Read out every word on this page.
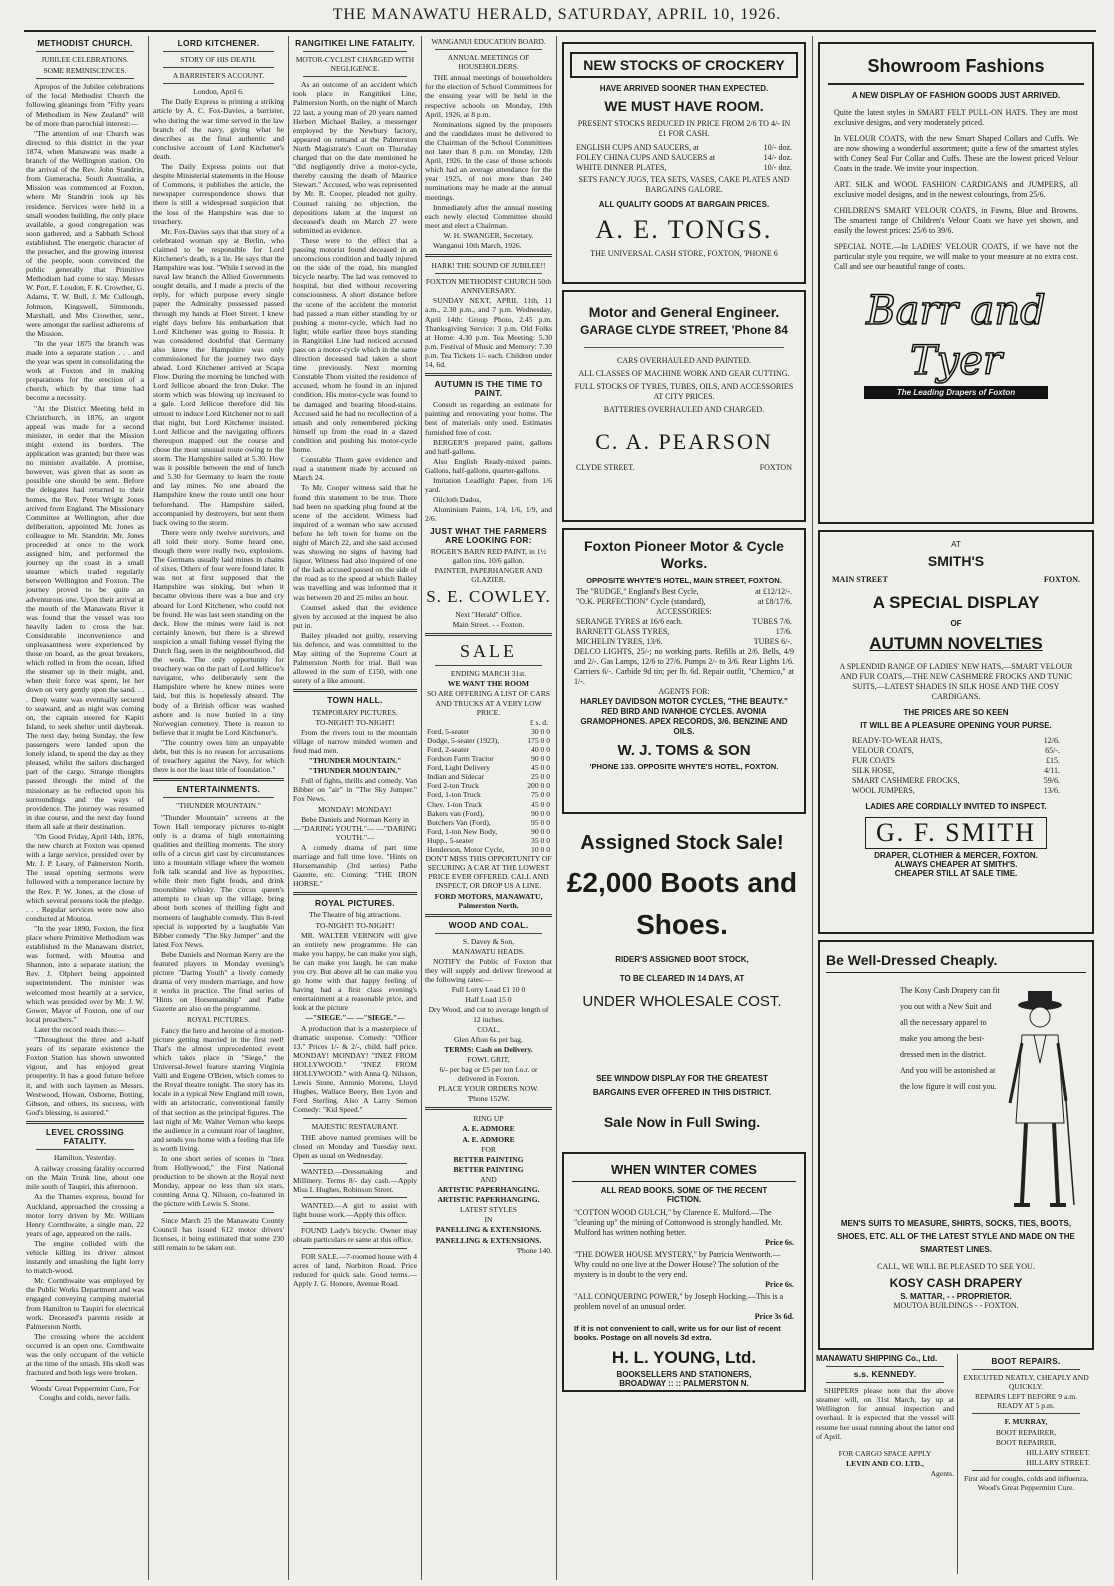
THE MANAWATU HERALD, SATURDAY, APRIL 10, 1926.
METHODIST CHURCH.
JUBILEE CELEBRATIONS.
SOME REMINISCENCES.

Apropos of the Jubilee celebrations of the local Methodist Church the following gleanings from "Fifty years of Methodism in New Zealand" will be of more than parochial interest:—

"The attention of our Church was directed to this district in the year 1874, when Manawatu was made a branch of the Wellington station. On the arrival of the Rev. John Standrin, from Gumeracha, South Australia, a Mission was commenced at Foxton, where Mr Standrin took up his residence. Services were held in a small wooden building, the only place available, a good congregation was soon gathered, and a Sabbath School established. The energetic character of the preacher, and the growing interest of the people, soon convinced the public generally that Primitive Methodism had come to stay. Messrs W. Port, F. Loudon, F. K. Crowther, G. Adams, T. W. Bull, J. Mc Cullough, Johnson, Kingswell, Simmonds, Marshall, and Mrs Crowther, senr., were amongst the earliest adherents of the Mission.

"In the year 1875 the branch was made into a separate station . . . and the year was spent in consolidating the work at Foxton and in making preparations for the erection of a church, which by that time had become a necessity.

"At the District Meeting held in Christchurch, in 1876, an urgent appeal was made for a second minister, in order that the Mission might extend its borders. The application was granted; but there was no minister available. A promise, however, was given that as soon as possible one should be sent. Before the delegates had returned to their homes, the Rev. Peter Wright Jones arrived from England. The Missionary Committee at Wellington, after due deliberation, appointed Mr. Jones as colleague to Mr. Standrin. Mr. Jones proceeded at once to the work assigned him, and performed the journey up the coast in a small steamer which traded regularly between Wellington and Foxton. The journey proved to be quite an adventurous one. Upon their arrival at the mouth of the Manawatu River it was found that the vessel was too heavily laden to cross the bar. Considerable inconvenience and unpleasantness were experienced by those on board, as the great breakers, which rolled in from the ocean, lifted the steamer up in their might, and, when their force was spent, let her down on very gently upon the sand. . . . Deep water was eventually secured to seaward, and as night was coming on, the captain steered for Kapiti Island, to seek shelter until daybreak. The next day, being Sunday, the few passengers were landed upon the lonely island, to spend the day as they pleased, whilst the sailors discharged part of the cargo. Strange thoughts passed through the mind of the missionary as he reflected upon his surroundings and the ways of providence. The journey was resumed in due course, and the next day found them all safe at their destination.

"On Good Friday, April 14th, 1876, the new church at Foxton was opened with a large service, presided over by Mr. J. P. Leary, of Palmerston North. The usual opening sermons were followed with a temperance lecture by the Rev. P. W. Jones, at the close of which several persons took the pledge. . . . Regular services were now also conducted at Moutoa.

"In the year 1890, Foxton, the first place where Primitive Methodism was established in the Manawatu district, was formed, with Moutoa and Shannon, into a separate station; the Rev. J. Olphert being appointed superintendent. The minister was welcomed most heartily at a service, which was presided over by Mr. J. W. Gower, Mayor of Foxton, one of our local preachers."

Later the record reads thus:—

"Throughout the three and a-half years of its separate existence the Foxton Station has shown unwonted vigour, and has enjoyed great prosperity. It has a good future before it, and with such laymen as Messrs. Westwood, Howan, Osborne, Botting, Gibson, and others, its success, with God's blessing, is assured."

LEVEL CROSSING FATALITY.
Hamilton, Yesterday.

A railway crossing fatality occurred on the Main Trunk line, about one mile south of Taupiri, this afternoon.

As the Thames express, bound for Auckland, approached the crossing a motor lorry driven by Mr. William Henry Cornthwaite, a single man, 22 years of age, appeared on the rails.

The engine collided with the vehicle killing its driver almost instantly and smashing the light lorry to match-wood.

Mr. Cornthwaite was employed by the Public Works Department and was engaged conveying camping material from Hamilton to Taupiri for electrical work. Deceased's parents reside at Palmerston North.

The crossing where the accident occurred is an open one. Cornthwaite was the only occupant of the vehicle at the time of the smash. His skull was fractured and both legs were broken.

Woods' Great Peppermint Cure, For Coughs and colds, never fails.

LORD KITCHENER.
STORY OF HIS DEATH.
A BARRISTER'S ACCOUNT.

London, April 6.

The Daily Express is printing a striking article by A. C. Fox-Davies, a barrister, who during the war time served in the law branch of the navy, giving what he describes as the final authentic and conclusive account of Lord Kitchener's death.

The Daily Express points out that despite Ministerial statements in the House of Commons, it publishes the article, the newspaper correspondence shows that there is still a widespread suspicion that the loss of the Hampshire was due to treachery.

Mr. Fox-Davies says that that story of a celebrated woman spy at Berlin, who claimed to be responsible for Lord Kitchener's death, is a lie. He says that the Hampshire was lost. "While I served in the naval law branch the Allied Governments sought details, and I made a precis of the reply, for which purpose every single paper the Admiralty possessed passed through my hands at Fleet Street. I knew eight days before his embarkation that Lord Kitchener was going to Russia. It was considered doubtful that Germany also knew the Hampshire was only commissioned for the journey two days ahead. Lord Kitchener arrived at Scapa Flow. During the morning he lunched with Lord Jellicoe aboard the Iron Duke. The storm which was blowing up increased to a gale. Lord Jellicoe therefore did his utmost to induce Lord Kitchener not to sail that night, but Lord Kitchener insisted. Lord Jellicoe and the navigating officers thereupon mapped out the course and chose the most unusual route owing to the storm. The Hampshire sailed at 5.30. How was it possible between the end of lunch and 5.30 for Germany to learn the route and lay mines. No one aboard the Hampshire knew the route until one hour beforehand. The Hampshire sailed, accompanied by destroyers, but sent them back owing to the storm.

There were only twelve survivors, and all told their story. Some heard one, though there were really two, explosions. The Germans usually laid mines in chains of sixes. Others of four were found later. It was not at first supposed that the Hampshire was sinking, but when it became obvious there was a hue and cry aboard for Lord Kitchener, who could not be found. He was last seen standing on the deck. How the mines were laid is not certainly known, but there is a shrewd suspicion a small fishing vessel flying the Dutch flag, seen in the neighbourhood, did the work. The only opportunity for treachery was on the part of Lord Jellicoe's navigator, who deliberately sent the Hampshire where he knew mines were laid, but this is hopelessly absurd. The body of a British officer was washed ashore and is now buried in a tiny Norwegian cemetery. There is reason to believe that it might be Lord Kitchener's.

"The country owes him an unpayable debt, but this is no reason for accusations of treachery against the Navy, for which there is not the least title of foundation."

ENTERTAINMENTS.
"THUNDER MOUNTAIN."

"Thunder Mountain" screens at the Town Hall temporary pictures to-night only is a drama of high entertaining qualities and thrilling moments. The story tells of a circus girl cast by circumstances into a mountain village where the women folk talk scandal and live as hypocrites, while their men fight feuds, and drink moonshine whisky. The circus queen's attempts to clean up the village, bring about both scenes of thrilling fight and moments of laughable comedy. This 8-reel special is supported by a laughable Van Bibber comedy "The Sky Jumper" and the latest Fox News.

Bebe Daniels and Norman Kerry are the featured players in Monday evening's picture "Daring Youth" a lively comedy drama of very modern marriage, and how it works in practice. The final series of "Hints on Horsemanship" and Pathe Gazette are also on the programme.

ROYAL PICTURES.

Fancy the hero and heroine of a motion-picture getting married in the first reel! That's the almost unprecedented event which takes place in "Siege," the Universal-Jewel feature starring Virginia Valli and Eugene O'Brien, which comes to the Royal theatre tonight. The story has its locale in a typical New England mill town, with an aristocratic, conventional family of that section as the principal figures. The last night of Mr. Walter Vernon who keeps the audience in a constant roar of laughter, and sends you home with a feeling that life is worth living.

In one short series of scenes in "Inez from Hollywood," the First National production to be shown at the Royal next Monday, appear no less than six stars, counting Anna Q. Nilsson, co-featured in the picture with Lewis S. Stone.

Since March 25 the Manawatu County Council has issued 612 motor drivers' licenses, it being estimated that some 230 still remain to be taken out.

RANGITIKEI LINE FATALITY.
MOTOR-CYCLIST CHARGED WITH NEGLIGENCE.

As an outcome of an accident which took place in Rangitikei Line, Palmerston North, on the night of March 22 last, a young man of 20 years named Herbert Michael Bailey, a messenger employed by the Newbury factory, appeared on remand at the Palmerston North Magistrate's Court on Thursday charged that on the date mentioned he "did negligently drive a motor-cycle, thereby causing the death of Maurice Stewart." Accused, who was represented by Mr. R. Cooper, pleaded not guilty. Counsel raising no objection, the depositions taken at the inquest on deceased's death on March 27 were submitted as evidence.

These were to the effect that a passing motorist found deceased in an unconscious condition and badly injured on the side of the road, his mangled bicycle nearby. The lad was removed to hospital, but died without recovering consciousness. A short distance before the scene of the accident the motorist had passed a man either standing by or pushing a motor-cycle, which had no light; while earlier three boys standing in Rangitikei Line had noticed accused pass on a motor-cycle which in the same direction deceased had taken a short time previously. Next morning Constable Thom visited the residence of accused, whom he found in an injured condition. His motor-cycle was found to be damaged and bearing blood-stains. Accused said he had no recollection of a smash and only remembered picking himself up from the road in a dazed condition and pushing his motor-cycle home.

Constable Thom gave evidence and read a statement made by accused on March 24.

To Mr. Cooper witness said that he found this statement to be true. There had been no sparking plug found at the scene of the accident. Witness had inquired of a woman who saw accused before he left town for home on the night of March 22, and she said accused was showing no signs of having had liquor. Witness had also inquired of one of the lads accused passed on the side of the road as to the speed at which Bailey was travelling and was informed that it was between 20 and 25 miles an hour.

Counsel asked that the evidence given by accused at the inquest be also put in.

Bailey pleaded not guilty, reserving his defence, and was committed to the May sitting of the Supreme Court at Palmerston North for trial. Bail was allowed in the sum of £150, with one surety of a like amount.

TOWN HALL.

TEMPORARY PICTURES.

TO-NIGHT! TO-NIGHT!

From the rivers tout to the mountain village of narrow minded women and feud mad men.

"THUNDER MOUNTAIN."

"THUNDER MOUNTAIN."

Full of fights, thrills and comedy. Van Bibber on "air" in "The Sky Jumper." Fox News.

MONDAY! MONDAY!

Bebe Daniels and Norman Kerry in —"DARING YOUTH."— —"DARING YOUTH."—

A comedy drama of part time marriage and full time love. "Hints on Horsemanship (3rd series) Pathe Gazette, etc. Coming: "THE IRON HORSE."

ROYAL PICTURES.

The Theatre of big attractions.

TO-NIGHT! TO-NIGHT!

MR. WALTER VERNON will give an entirely new programme. He can make you happy, he can make you sigh, he can make you laugh, he can make you cry. But above all he can make you go home with that happy feeling of having had a first class evening's entertainment at a reasonable price, and look at the picture

—"SIEGE."— —"SIEGE."—

A production that is a masterpiece of dramatic suspense. Comedy: "Officer 13." Prices 1/- & 2/-, child. half price. MONDAY! MONDAY! "INEZ FROM HOLLYWOOD." "INEZ FROM HOLLYWOOD." with Anna Q. Nilsson, Lewis Stone, Antonio Moreno, Lloyd Hughes, Wallace Beery, Ben Lyon and Ford Sterling. Also A Larry Semon Comedy: "Kid Speed."

MAJESTIC RESTAURANT.

THE above named premises will be closed on Monday and Tuesday next. Open as usual on Wednesday.

WANTED.—Dressmaking and Millinery. Terms 8/- day cash.—Apply Miss I. Hughes, Robinson Street.

WANTED.—A girl to assist with light house work.—Apply this office.

FOUND Lady's bicycle. Owner may obtain particulars re same at this office.

FOR SALE.—7-roomed house with 4 acres of land, Norbiton Road. Price reduced for quick sale. Good terms.—Apply J. G. Honore, Avenue Road.

WANGANUI EDUCATION BOARD.
ANNUAL MEETINGS OF HOUSEHOLDERS.

THE annual meetings of householders for the election of School Committees for the ensuing year will be held in the respective schools on Monday, 19th April, 1926, at 8 p.m.

Nominations signed by the proposers and the candidates must be delivered to the Chairman of the School Committees not later than 8 p.m. on Monday, 12th April, 1926. In the case of those schools which had an average attendance for the year 1925, of not more than 240 nominations may be made at the annual meetings.

Immediately after the annual meeting each newly elected Committee should meet and elect a Chairman.

W. H. SWANGER, Secretary.

Wanganui 10th March, 1926.

HARK! THE SOUND OF JUBILEE!!

FOXTON METHODIST CHURCH 50th ANNIVERSARY.

SUNDAY NEXT, APRIL 11th, 11 a.m., 2.30 p.m., and 7 p.m. Wednesday, April 14th: Group Photo, 2.45 p.m. Thanksgiving Service: 3 p.m. Old Folks at Home: 4.30 p.m. Tea Meeting: 5.30 p.m. Festival of Music and Memory: 7.30 p.m. Tea Tickets 1/- each. Children under 14, 6d.

AUTUMN IS THE TIME TO PAINT.

Consult us regarding an estimate for painting and renovating your home. The best of materials only used. Estimates furnished free of cost.

BERGER'S prepared paint, gallons and half-gallons.

Also English Ready-mixed paints. Gallons, half-gallons, quarter-gallons.

Imitation Leadlight Paper, from 1/6 yard.

Oilcloth Dados,

Aluminium Paints, 1/4, 1/6, 1/9, and 2/6.

JUST WHAT THE FARMERS ARE LOOKING FOR:

ROGER'S BARN RED PAINT, in 1½ gallon tins, 10/6 gallon.

PAINTER, PAPERHANGER AND GLAZIER.

S. E. COWLEY.

Next "Herald" Office.

Main Street. - - Foxton.

SALE

ENDING MARCH 31st.

WE WANT THE ROOM

SO ARE OFFERING A LIST OF CARS AND TRUCKS AT A VERY LOW PRICE.

£ s. d.
Ford, 5-seater	30 0 0
Dodge, 5-seater (1923),	175 0 0
Ford, 2-seater	40 0 0
Fordson Farm Tractor	90 0 0
Ford, Light Delivery	45 0 0
Indian and Sidecar	25 0 0
Ford 2-ton Truck	200 0 0
Ford, 1-ton Truck	75 0 0
Chev. 1-ton Truck	45 0 0
Bakers van (Ford),	90 0 0
Butchers Van (Ford),	95 0 0
Ford, 1-ton New Body,	90 0 0
Hupp., 5-seater	35 0 0
Henderson, Motor Cycle,	10 0 0

DON'T MISS THIS OPPORTUNITY OF SECURING A CAR AT THE LOWEST PRICE EVER OFFERED. CALL AND INSPECT, OR DROP US A LINE.

FORD MOTORS, MANAWATU, Palmerston North.

WOOD AND COAL.

S. Davey & Son,

MANAWATU HEADS.

NOTIFY the Public of Foxton that they will supply and deliver firewood at the following rates:—

Full Lorry Load £1 10 0

Half Load 15 0

Dry Wood, and cut to average length of 12 inches.

COAL,

Glen Afton 6s per bag.

TERMS: Cash on Delivery.

FOWL GRIT,

6/- per bag or £5 per ton f.o.r. or delivered in Foxton.

PLACE YOUR ORDERS NOW.

'Phone 152W.

RING UP

A. E. ADMORE

A. E. ADMORE

FOR

BETTER PAINTING

BETTER PAINTING

AND

ARTISTIC PAPERHANGING.

ARTISTIC PAPERHANGING.

LATEST STYLES

IN

PANELLING & EXTENSIONS.

PANELLING & EXTENSIONS.

'Phone 140.

NEW STOCKS OF CROCKERY
HAVE ARRIVED SOONER THAN EXPECTED.
WE MUST HAVE ROOM.
PRESENT STOCKS REDUCED IN PRICE FROM 2/6 TO 4/- IN £1 FOR CASH.
ENGLISH CUPS AND SAUCERS, at	10/- doz.
FOLEY CHINA CUPS AND SAUCERS at	14/- doz.
WHITE DINNER PLATES,	10/- doz.
SETS FANCY JUGS, TEA SETS, VASES, CAKE PLATES AND BARGAINS GALORE.
ALL QUALITY GOODS AT BARGAIN PRICES.
A. E. TONGS.
THE UNIVERSAL CASH STORE, FOXTON, 'PHONE 6
Motor and General Engineer.
GARAGE CLYDE STREET, 'Phone 84
CARS OVERHAULED AND PAINTED.
ALL CLASSES OF MACHINE WORK AND GEAR CUTTING.
FULL STOCKS OF TYRES, TUBES, OILS, AND ACCESSORIES AT CITY PRICES.
BATTERIES OVERHAULED AND CHARGED.
C. A. PEARSON
CLYDE STREET.	FOXTON
Foxton Pioneer Motor & Cycle Works.
OPPOSITE WHYTE'S HOTEL, MAIN STREET, FOXTON.
The "RUDGE," England's Best Cycle,	at £12/12/-.
"O.K. PERFECTION" Cycle (standard),	at £8/17/6.
ACCESSORIES:
SERANGE TYRES at 16/6 each.	TUBES 7/6.
BARNETT GLASS TYRES,	17/6.
MICHELIN TYRES, 13/6.	TUBES 6/-.
DELCO LIGHTS, 25/-; no working parts. Refills at 2/6. Bells, 4/9 and 2/-. Gas Lamps, 12/6 to 27/6. Pumps 2/- to 3/6. Rear Lights 1/6. Carriers 6/-. Carbide 9d tin; per lb. 6d. Repair outfit, "Chemico," at 1/-.
AGENTS FOR:
HARLEY DAVIDSON MOTOR CYCLES, "THE BEAUTY." RED BIRD AND IVANHOE CYCLES. AVONIA GRAMOPHONES. APEX RECORDS, 3/6. BENZINE AND OILS.
W. J. TOMS & SON
'PHONE 133. OPPOSITE WHYTE'S HOTEL, FOXTON.
Assigned Stock Sale!
£2,000 Boots and
Shoes.
RIDER'S ASSIGNED BOOT STOCK,
TO BE CLEARED IN 14 DAYS, AT
UNDER WHOLESALE COST.
SEE WINDOW DISPLAY FOR THE GREATEST BARGAINS EVER OFFERED IN THIS DISTRICT.
Sale Now in Full Swing.
WHEN WINTER COMES
ALL READ BOOKS. SOME OF THE RECENT FICTION.
"COTTON WOOD GULCH," by Clarence E. Mulford.—The "cleaning up" the mining of Cottonwood is strongly handled. Mr. Mulford has written nothing better.
Price 6s.
"THE DOWER HOUSE MYSTERY," by Patricia Wentworth.—Why could no one live at the Dower House? The solution of the mystery is in doubt to the very end.
Price 6s.
"ALL CONQUERING POWER," by Joseph Hocking.—This is a problem novel of an unusual order.
Price 3s 6d.
If it is not convenient to call, write us for our list of recent books. Postage on all novels 3d extra.
H. L. YOUNG, Ltd.
BOOKSELLERS AND STATIONERS,
BROADWAY :: :: PALMERSTON N.
Showroom Fashions
A NEW DISPLAY OF FASHION GOODS JUST ARRIVED.
Quite the latest styles in SMART FELT PULL-ON HATS. They are most exclusive designs, and very moderately priced.
In VELOUR COATS, with the new Smart Shaped Collars and Cuffs. We are now showing a wonderful assortment; quite a few of the smartest styles with Coney Seal Fur Collar and Cuffs. These are the lowest priced Velour Coats in the trade. We invite your inspection.
ART. SILK and WOOL FASHION CARDIGANS and JUMPERS, all exclusive model designs, and in the newest colourings, from 25/6.
CHILDREN'S SMART VELOUR COATS, in Fawns, Blue and Browns. The smartest range of Children's Velour Coats we have yet shown, and easily the lowest prices: 25/6 to 39/6.
SPECIAL NOTE.—In LADIES' VELOUR COATS, if we have not the particular style you require, we will make to your measure at no extra cost. Call and see our beautiful range of coats.
Barr and Tyer
The Leading Drapers of Foxton
AT
SMITH'S
MAIN STREET	FOXTON.
A SPECIAL DISPLAY
OF
AUTUMN NOVELTIES
A SPLENDID RANGE OF LADIES' NEW HATS,—SMART VELOUR AND FUR COATS,—THE NEW CASHMERE FROCKS AND TUNIC SUITS,—LATEST SHADES IN SILK HOSE AND THE COSY CARDIGANS.
THE PRICES ARE SO KEEN
IT WILL BE A PLEASURE OPENING YOUR PURSE.
READY-TO-WEAR HATS,	12/6.
VELOUR COATS,	65/-.
FUR COATS	£15.
SILK HOSE,	4/11.
SMART CASHMERE FROCKS,	59/6.
WOOL JUMPERS,	13/6.
LADIES ARE CORDIALLY INVITED TO INSPECT.
G. F. SMITH
DRAPER, CLOTHIER & MERCER, FOXTON.
ALWAYS CHEAPER AT SMITH'S.
CHEAPER STILL AT SALE TIME.
Be Well-Dressed Cheaply.
The Kosy Cash Drapery can fit you out with a New Suit and all the necessary apparel to make you among the best-dressed men in the district. And you will be astonished at the low figure it will cost you.
MEN'S SUITS TO MEASURE, SHIRTS, SOCKS, TIES, BOOTS, SHOES, ETC. ALL OF THE LATEST STYLE AND MADE ON THE SMARTEST LINES.
CALL, WE WILL BE PLEASED TO SEE YOU.
KOSY CASH DRAPERY
S. MATTAR, - - PROPRIETOR.
MOUTOA BUILDINGS - - FOXTON.
MANAWATU SHIPPING Co., Ltd.
s.s. KENNEDY.

SHIPPERS please note that the above steamer will, on 31st March, lay up at Wellington for annual inspection and overhaul. It is expected that the vessel will resume her usual running about the latter end of April.

FOR CARGO SPACE APPLY

LEVIN AND CO. LTD.,

Agents.

BOOT REPAIRS.

EXECUTED NEATLY, CHEAPLY AND QUICKLY.

REPAIRS LEFT BEFORE 9 a.m. READY AT 5 p.m.

F. MURRAY,

BOOT REPAIRER,

BOOT REPAIRER,

HILLARY STREET.

HILLARY STREET.

First aid for coughs, colds and influenza, Wood's Great Peppermint Cure.
